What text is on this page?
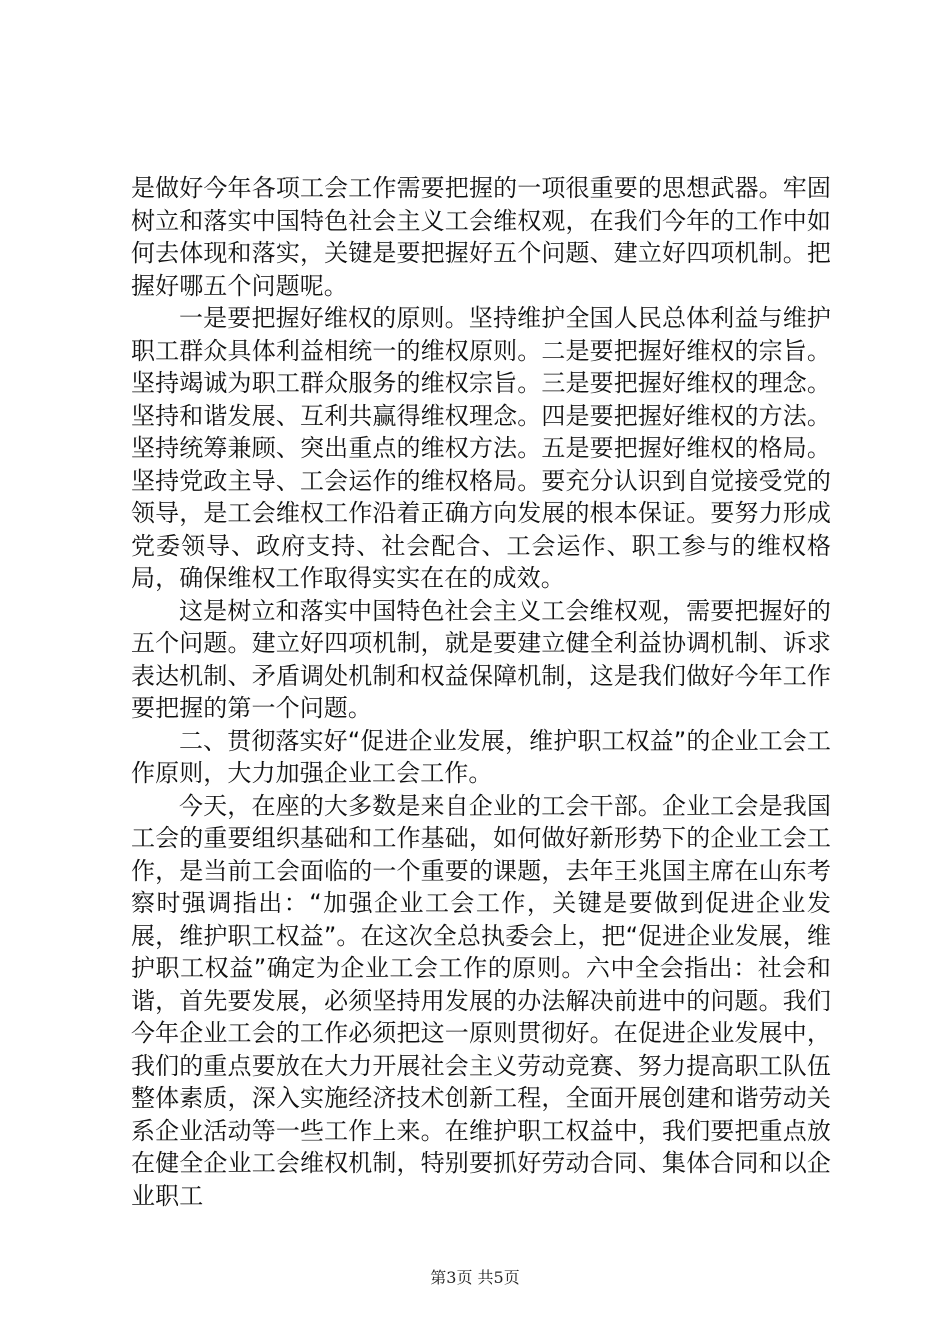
是做好今年各项工会工作需要把握的一项很重要的思想武器。牢固树立和落实中国特色社会主义工会维权观，在我们今年的工作中如何去体现和落实，关键是要把握好五个问题、建立好四项机制。把握好哪五个问题呢。

一是要把握好维权的原则。坚持维护全国人民总体利益与维护职工群众具体利益相统一的维权原则。二是要把握好维权的宗旨。坚持竭诚为职工群众服务的维权宗旨。三是要把握好维权的理念。坚持和谐发展、互利共赢得维权理念。四是要把握好维权的方法。坚持统筹兼顾、突出重点的维权方法。五是要把握好维权的格局。坚持党政主导、工会运作的维权格局。要充分认识到自觉接受党的领导，是工会维权工作沿着正确方向发展的根本保证。要努力形成党委领导、政府支持、社会配合、工会运作、职工参与的维权格局，确保维权工作取得实实在在的成效。

这是树立和落实中国特色社会主义工会维权观，需要把握好的五个问题。建立好四项机制，就是要建立健全利益协调机制、诉求表达机制、矛盾调处机制和权益保障机制，这是我们做好今年工作要把握的第一个问题。

二、贯彻落实好“促进企业发展，维护职工权益”的企业工会工作原则，大力加强企业工会工作。

今天，在座的大多数是来自企业的工会干部。企业工会是我国工会的重要组织基础和工作基础，如何做好新形势下的企业工会工作，是当前工会面临的一个重要的课题，去年王兆国主席在山东考察时强调指出：“加强企业工会工作，关键是要做到促进企业发展，维护职工权益”。在这次全总执委会上，把“促进企业发展，维护职工权益”确定为企业工会工作的原则。六中全会指出：社会和谐，首先要发展，必须坚持用发展的办法解决前进中的问题。我们今年企业工会的工作必须把这一原则贯彻好。在促进企业发展中，我们的重点要放在大力开展社会主义劳动竞赛、努力提高职工队伍整体素质，深入实施经济技术创新工程，全面开展创建和谐劳动关系企业活动等一些工作上来。在维护职工权益中，我们要把重点放在健全企业工会维权机制，特别要抓好劳动合同、集体合同和以企业职工

第3页 共5页
